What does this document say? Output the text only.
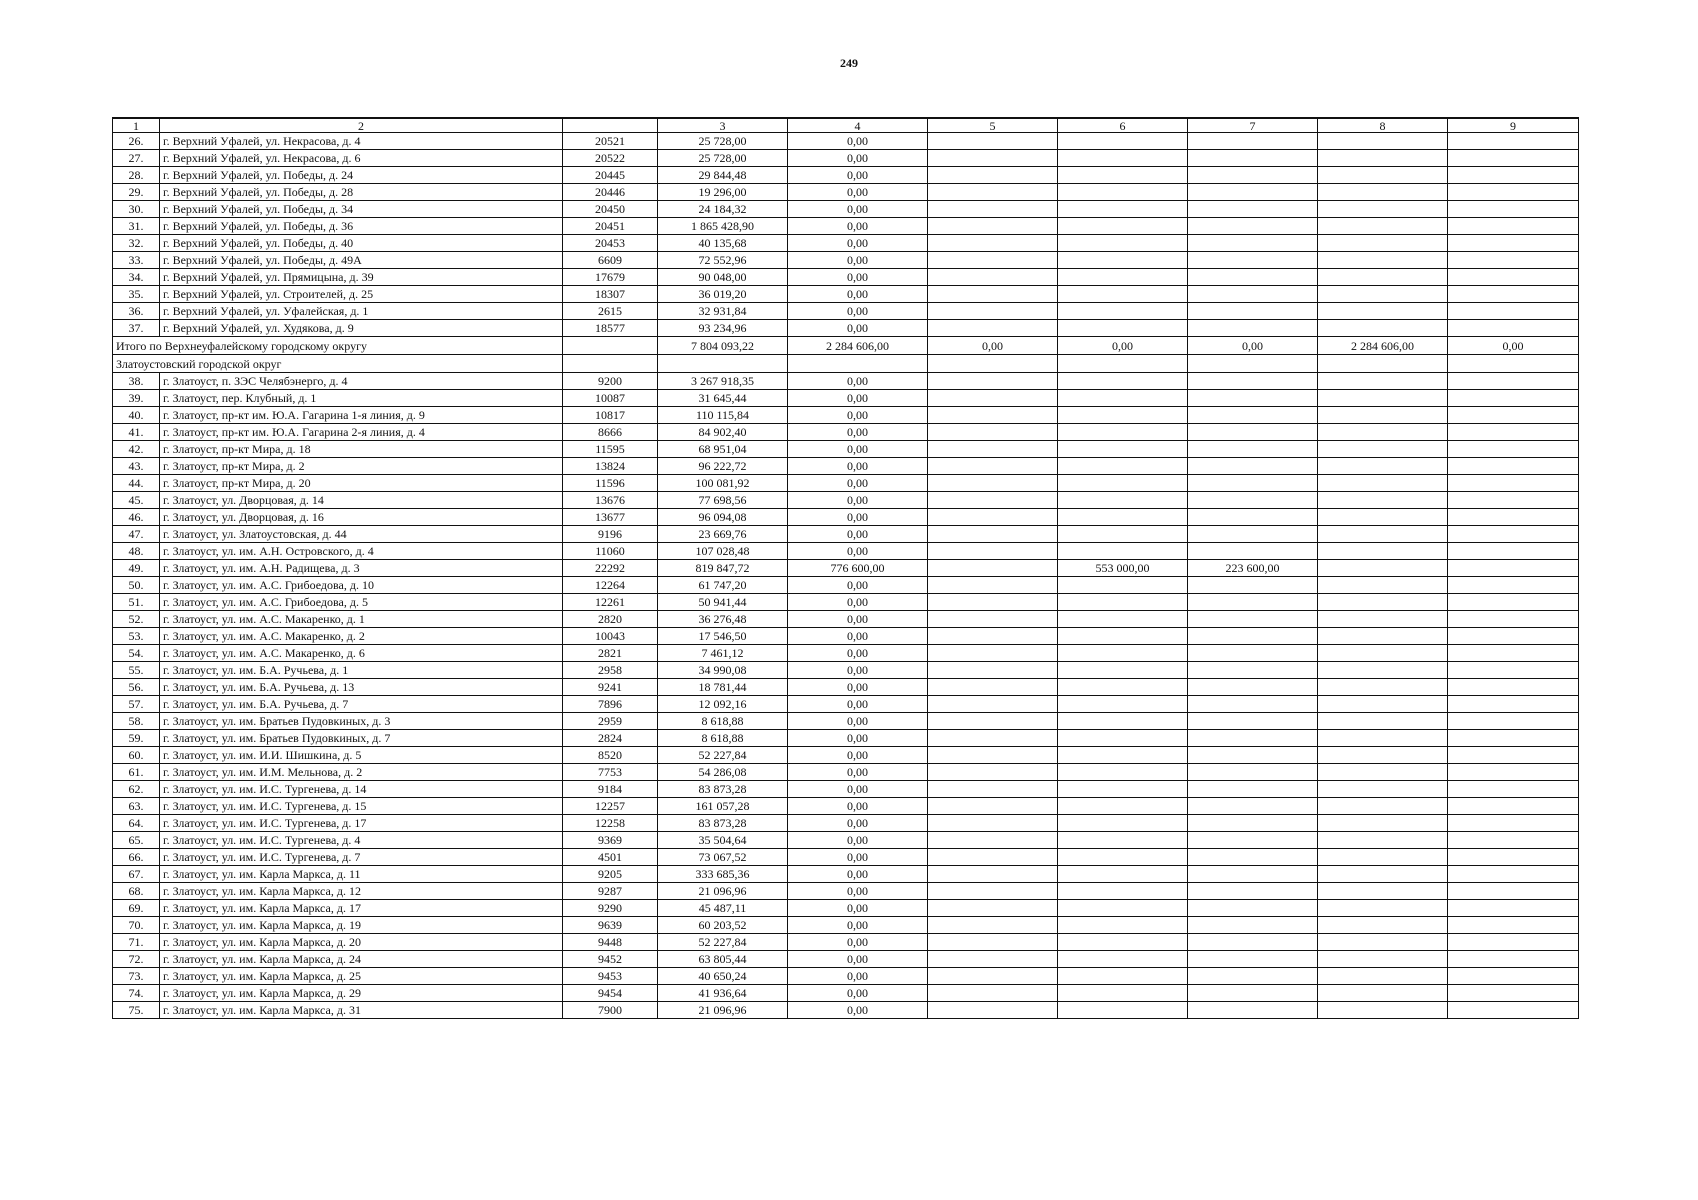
249
1	2		3	4	5	6	7	8	9
26.	г. Верхний Уфалей, ул. Некрасова, д. 4	20521	25 728,00	0,00					
27.	г. Верхний Уфалей, ул. Некрасова, д. 6	20522	25 728,00	0,00					
28.	г. Верхний Уфалей, ул. Победы, д. 24	20445	29 844,48	0,00					
29.	г. Верхний Уфалей, ул. Победы, д. 28	20446	19 296,00	0,00					
30.	г. Верхний Уфалей, ул. Победы, д. 34	20450	24 184,32	0,00					
31.	г. Верхний Уфалей, ул. Победы, д. 36	20451	1 865 428,90	0,00					
32.	г. Верхний Уфалей, ул. Победы, д. 40	20453	40 135,68	0,00					
33.	г. Верхний Уфалей, ул. Победы, д. 49А	6609	72 552,96	0,00					
34.	г. Верхний Уфалей, ул. Прямицына, д. 39	17679	90 048,00	0,00					
35.	г. Верхний Уфалей, ул. Строителей, д. 25	18307	36 019,20	0,00					
36.	г. Верхний Уфалей, ул. Уфалейская, д. 1	2615	32 931,84	0,00					
37.	г. Верхний Уфалей, ул. Худякова, д. 9	18577	93 234,96	0,00					
Итого по Верхнеуфалейскому городскому округу			7 804 093,22	2 284 606,00	0,00	0,00	0,00	2 284 606,00	0,00
Златоустовский городской округ									
38.	г. Златоуст, п. ЗЭС Челябэнерго, д. 4	9200	3 267 918,35	0,00					
39.	г. Златоуст, пер. Клубный, д. 1	10087	31 645,44	0,00					
40.	г. Златоуст, пр-кт им. Ю.А. Гагарина 1-я линия, д. 9	10817	110 115,84	0,00					
41.	г. Златоуст, пр-кт им. Ю.А. Гагарина 2-я линия, д. 4	8666	84 902,40	0,00					
42.	г. Златоуст, пр-кт Мира, д. 18	11595	68 951,04	0,00					
43.	г. Златоуст, пр-кт Мира, д. 2	13824	96 222,72	0,00					
44.	г. Златоуст, пр-кт Мира, д. 20	11596	100 081,92	0,00					
45.	г. Златоуст, ул. Дворцовая, д. 14	13676	77 698,56	0,00					
46.	г. Златоуст, ул. Дворцовая, д. 16	13677	96 094,08	0,00					
47.	г. Златоуст, ул. Златоустовская, д. 44	9196	23 669,76	0,00					
48.	г. Златоуст, ул. им. А.Н. Островского, д. 4	11060	107 028,48	0,00					
49.	г. Златоуст, ул. им. А.Н. Радищева, д. 3	22292	819 847,72	776 600,00		553 000,00	223 600,00		
50.	г. Златоуст, ул. им. А.С. Грибоедова, д. 10	12264	61 747,20	0,00					
51.	г. Златоуст, ул. им. А.С. Грибоедова, д. 5	12261	50 941,44	0,00					
52.	г. Златоуст, ул. им. А.С. Макаренко, д. 1	2820	36 276,48	0,00					
53.	г. Златоуст, ул. им. А.С. Макаренко, д. 2	10043	17 546,50	0,00					
54.	г. Златоуст, ул. им. А.С. Макаренко, д. 6	2821	7 461,12	0,00					
55.	г. Златоуст, ул. им. Б.А. Ручьева, д. 1	2958	34 990,08	0,00					
56.	г. Златоуст, ул. им. Б.А. Ручьева, д. 13	9241	18 781,44	0,00					
57.	г. Златоуст, ул. им. Б.А. Ручьева, д. 7	7896	12 092,16	0,00					
58.	г. Златоуст, ул. им. Братьев Пудовкиных, д. 3	2959	8 618,88	0,00					
59.	г. Златоуст, ул. им. Братьев Пудовкиных, д. 7	2824	8 618,88	0,00					
60.	г. Златоуст, ул. им. И.И. Шишкина, д. 5	8520	52 227,84	0,00					
61.	г. Златоуст, ул. им. И.М. Мельнова, д. 2	7753	54 286,08	0,00					
62.	г. Златоуст, ул. им. И.С. Тургенева, д. 14	9184	83 873,28	0,00					
63.	г. Златоуст, ул. им. И.С. Тургенева, д. 15	12257	161 057,28	0,00					
64.	г. Златоуст, ул. им. И.С. Тургенева, д. 17	12258	83 873,28	0,00					
65.	г. Златоуст, ул. им. И.С. Тургенева, д. 4	9369	35 504,64	0,00					
66.	г. Златоуст, ул. им. И.С. Тургенева, д. 7	4501	73 067,52	0,00					
67.	г. Златоуст, ул. им. Карла Маркса, д. 11	9205	333 685,36	0,00					
68.	г. Златоуст, ул. им. Карла Маркса, д. 12	9287	21 096,96	0,00					
69.	г. Златоуст, ул. им. Карла Маркса, д. 17	9290	45 487,11	0,00					
70.	г. Златоуст, ул. им. Карла Маркса, д. 19	9639	60 203,52	0,00					
71.	г. Златоуст, ул. им. Карла Маркса, д. 20	9448	52 227,84	0,00					
72.	г. Златоуст, ул. им. Карла Маркса, д. 24	9452	63 805,44	0,00					
73.	г. Златоуст, ул. им. Карла Маркса, д. 25	9453	40 650,24	0,00					
74.	г. Златоуст, ул. им. Карла Маркса, д. 29	9454	41 936,64	0,00					
75.	г. Златоуст, ул. им. Карла Маркса, д. 31	7900	21 096,96	0,00					
